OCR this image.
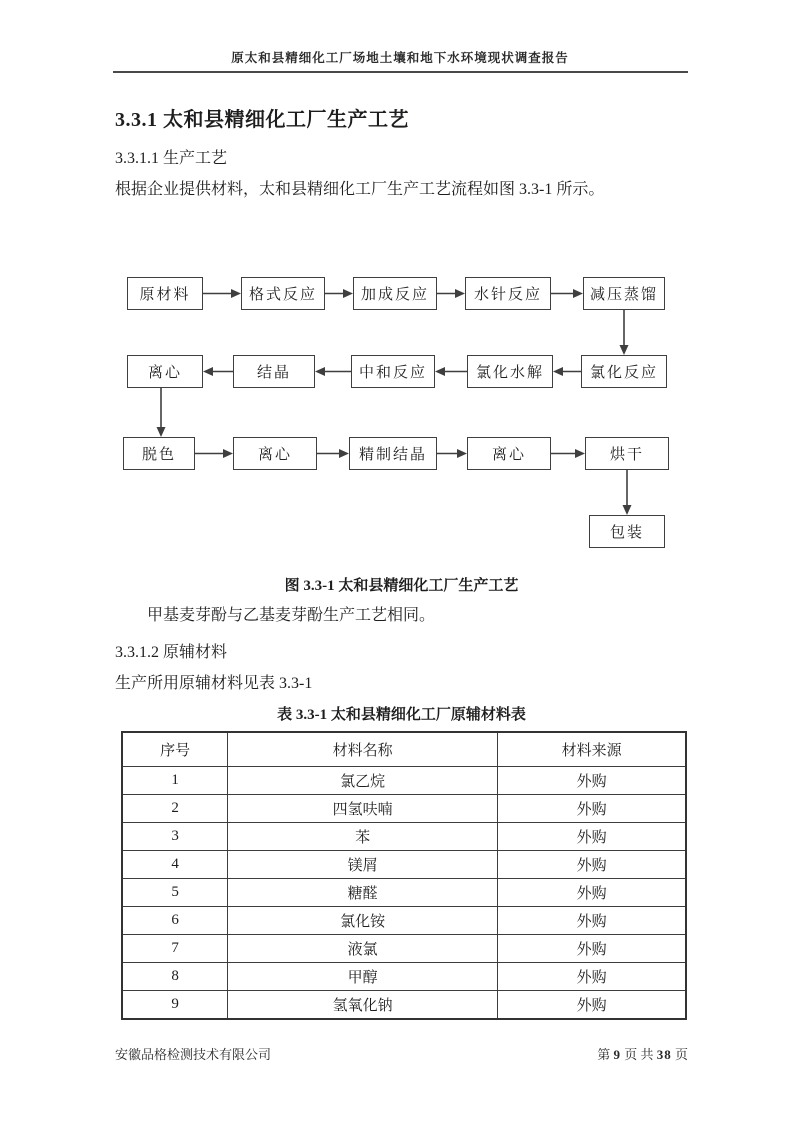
原太和县精细化工厂场地土壤和地下水环境现状调查报告
3.3.1 太和县精细化工厂生产工艺
3.3.1.1 生产工艺
根据企业提供材料，太和县精细化工厂生产工艺流程如图 3.3-1 所示。
原材料	格式反应	加成反应	水针反应	减压蒸馏
离心	结晶	中和反应	氯化水解	氯化反应
脱色	离心	精制结晶	离心	烘干
包装
图 3.3-1 太和县精细化工厂生产工艺
甲基麦芽酚与乙基麦芽酚生产工艺相同。
3.3.1.2 原辅材料
生产所用原辅材料见表 3.3-1
表 3.3-1 太和县精细化工厂原辅材料表
序号	材料名称	材料来源
1	氯乙烷	外购
2	四氢呋喃	外购
3	苯	外购
4	镁屑	外购
5	糖醛	外购
6	氯化铵	外购
7	液氯	外购
8	甲醇	外购
9	氢氧化钠	外购
安徽品格检测技术有限公司	第 9 页 共 38 页
